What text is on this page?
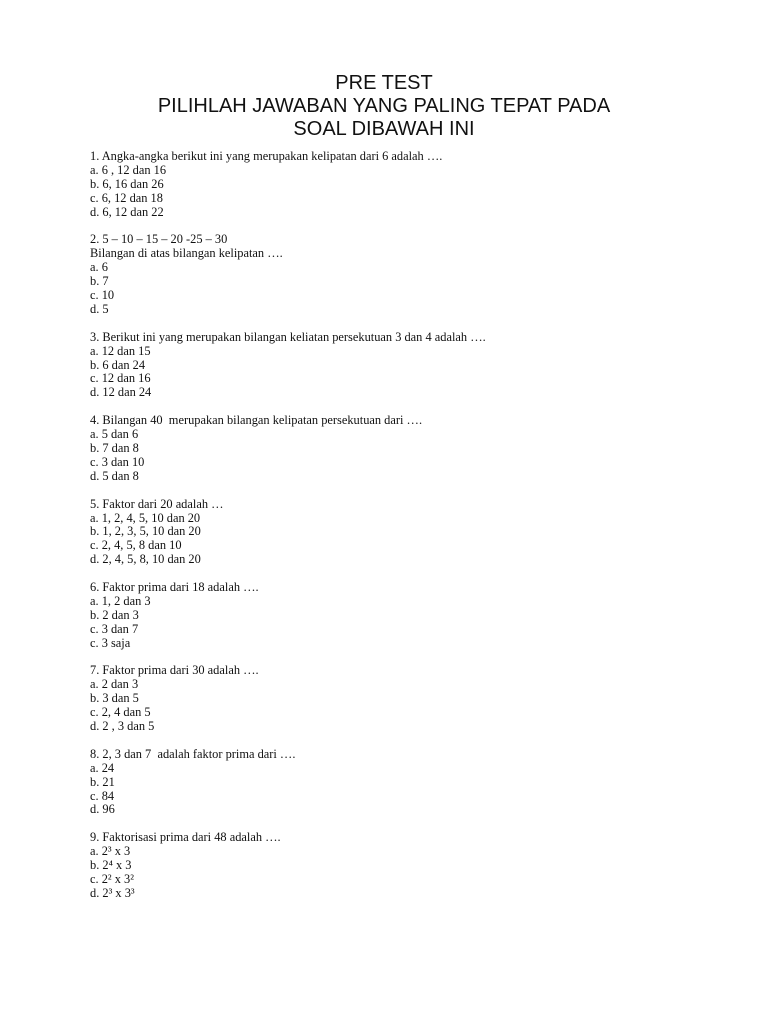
PRE TEST
PILIHLAH JAWABAN YANG PALING TEPAT PADA
SOAL DIBAWAH INI
1. Angka-angka berikut ini yang merupakan kelipatan dari 6 adalah ….
a. 6 , 12 dan 16
b. 6, 16 dan 26
c. 6, 12 dan 18
d. 6, 12 dan 22
2. 5 – 10 – 15 – 20 -25 – 30
Bilangan di atas bilangan kelipatan ….
a. 6
b. 7
c. 10
d. 5
3. Berikut ini yang merupakan bilangan keliatan persekutuan 3 dan 4 adalah ….
a. 12 dan 15
b. 6 dan 24
c. 12 dan 16
d. 12 dan 24
4. Bilangan 40  merupakan bilangan kelipatan persekutuan dari ….
a. 5 dan 6
b. 7 dan 8
c. 3 dan 10
d. 5 dan 8
5. Faktor dari 20 adalah …
a. 1, 2, 4, 5, 10 dan 20
b. 1, 2, 3, 5, 10 dan 20
c. 2, 4, 5, 8 dan 10
d. 2, 4, 5, 8, 10 dan 20
6. Faktor prima dari 18 adalah ….
a. 1, 2 dan 3
b. 2 dan 3
c. 3 dan 7
c. 3 saja
7. Faktor prima dari 30 adalah ….
a. 2 dan 3
b. 3 dan 5
c. 2, 4 dan 5
d. 2 , 3 dan 5
8. 2, 3 dan 7  adalah faktor prima dari ….
a. 24
b. 21
c. 84
d. 96
9. Faktorisasi prima dari 48 adalah ….
a. 2³ x 3
b. 2⁴ x 3
c. 2² x 3²
d. 2³ x 3³
